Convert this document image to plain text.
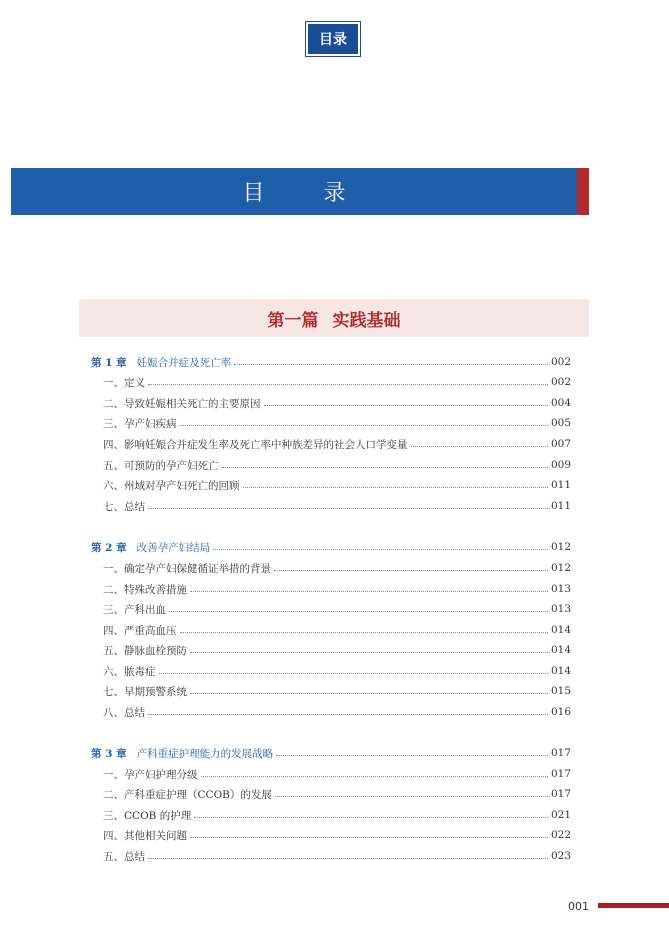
目录
目 录
第一篇 实践基础
第 1 章 妊娠合并症及死亡率	002
一、定义	002
二、导致妊娠相关死亡的主要原因	004
三、孕产妇疾病	005
四、影响妊娠合并症发生率及死亡率中种族差异的社会人口学变量	007
五、可预防的孕产妇死亡	009
六、州域对孕产妇死亡的回顾	011
七、总结	011
第 2 章 改善孕产妇结局	012
一、确定孕产妇保健循证举措的背景	012
二、特殊改善措施	013
三、产科出血	013
四、严重高血压	014
五、静脉血栓预防	014
六、脓毒症	014
七、早期预警系统	015
八、总结	016
第 3 章 产科重症护理能力的发展战略	017
一、孕产妇护理分级	017
二、产科重症护理（CCOB）的发展	017
三、CCOB 的护理	021
四、其他相关问题	022
五、总结	023
001
